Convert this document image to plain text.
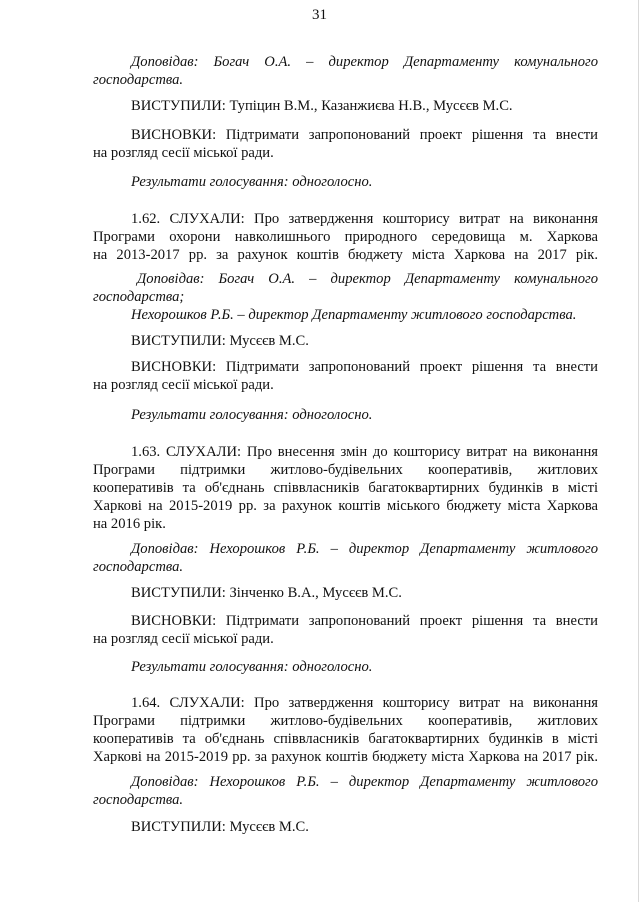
31
Доповідав: Богач О.А. – директор Департаменту комунального
господарства.
ВИСТУПИЛИ: Тупіцин В.М., Казанжиєва Н.В., Мусєєв М.С.
ВИСНОВКИ: Підтримати запропонований проект рішення та внести
на розгляд сесії міської ради.
Результати голосування: одноголосно.
1.62. СЛУХАЛИ: Про затвердження кошторису витрат на виконання
Програми охорони навколишнього природного середовища м. Харкова
на 2013-2017 рр. за рахунок коштів бюджету міста Харкова на 2017 рік.
Доповідав: Богач О.А. – директор Департаменту комунального
господарства;
Нехорошков Р.Б. – директор Департаменту житлового господарства.
ВИСТУПИЛИ: Мусєєв М.С.
ВИСНОВКИ: Підтримати запропонований проект рішення та внести
на розгляд сесії міської ради.
Результати голосування: одноголосно.
1.63. СЛУХАЛИ: Про внесення змін до кошторису витрат на виконання
Програми підтримки житлово-будівельних кооперативів, житлових
кооперативів та об'єднань співвласників багатоквартирних будинків в місті
Харкові на 2015-2019 рр. за рахунок коштів міського бюджету міста Харкова
на 2016 рік.
Доповідав: Нехорошков Р.Б. – директор Департаменту житлового
господарства.
ВИСТУПИЛИ: Зінченко В.А., Мусєєв М.С.
ВИСНОВКИ: Підтримати запропонований проект рішення та внести
на розгляд сесії міської ради.
Результати голосування: одноголосно.
1.64. СЛУХАЛИ: Про затвердження кошторису витрат на виконання
Програми підтримки житлово-будівельних кооперативів, житлових
кооперативів та об'єднань співвласників багатоквартирних будинків в місті
Харкові на 2015-2019 рр. за рахунок коштів бюджету міста Харкова на 2017 рік.
Доповідав: Нехорошков Р.Б. – директор Департаменту житлового
господарства.
ВИСТУПИЛИ: Мусєєв М.С.
